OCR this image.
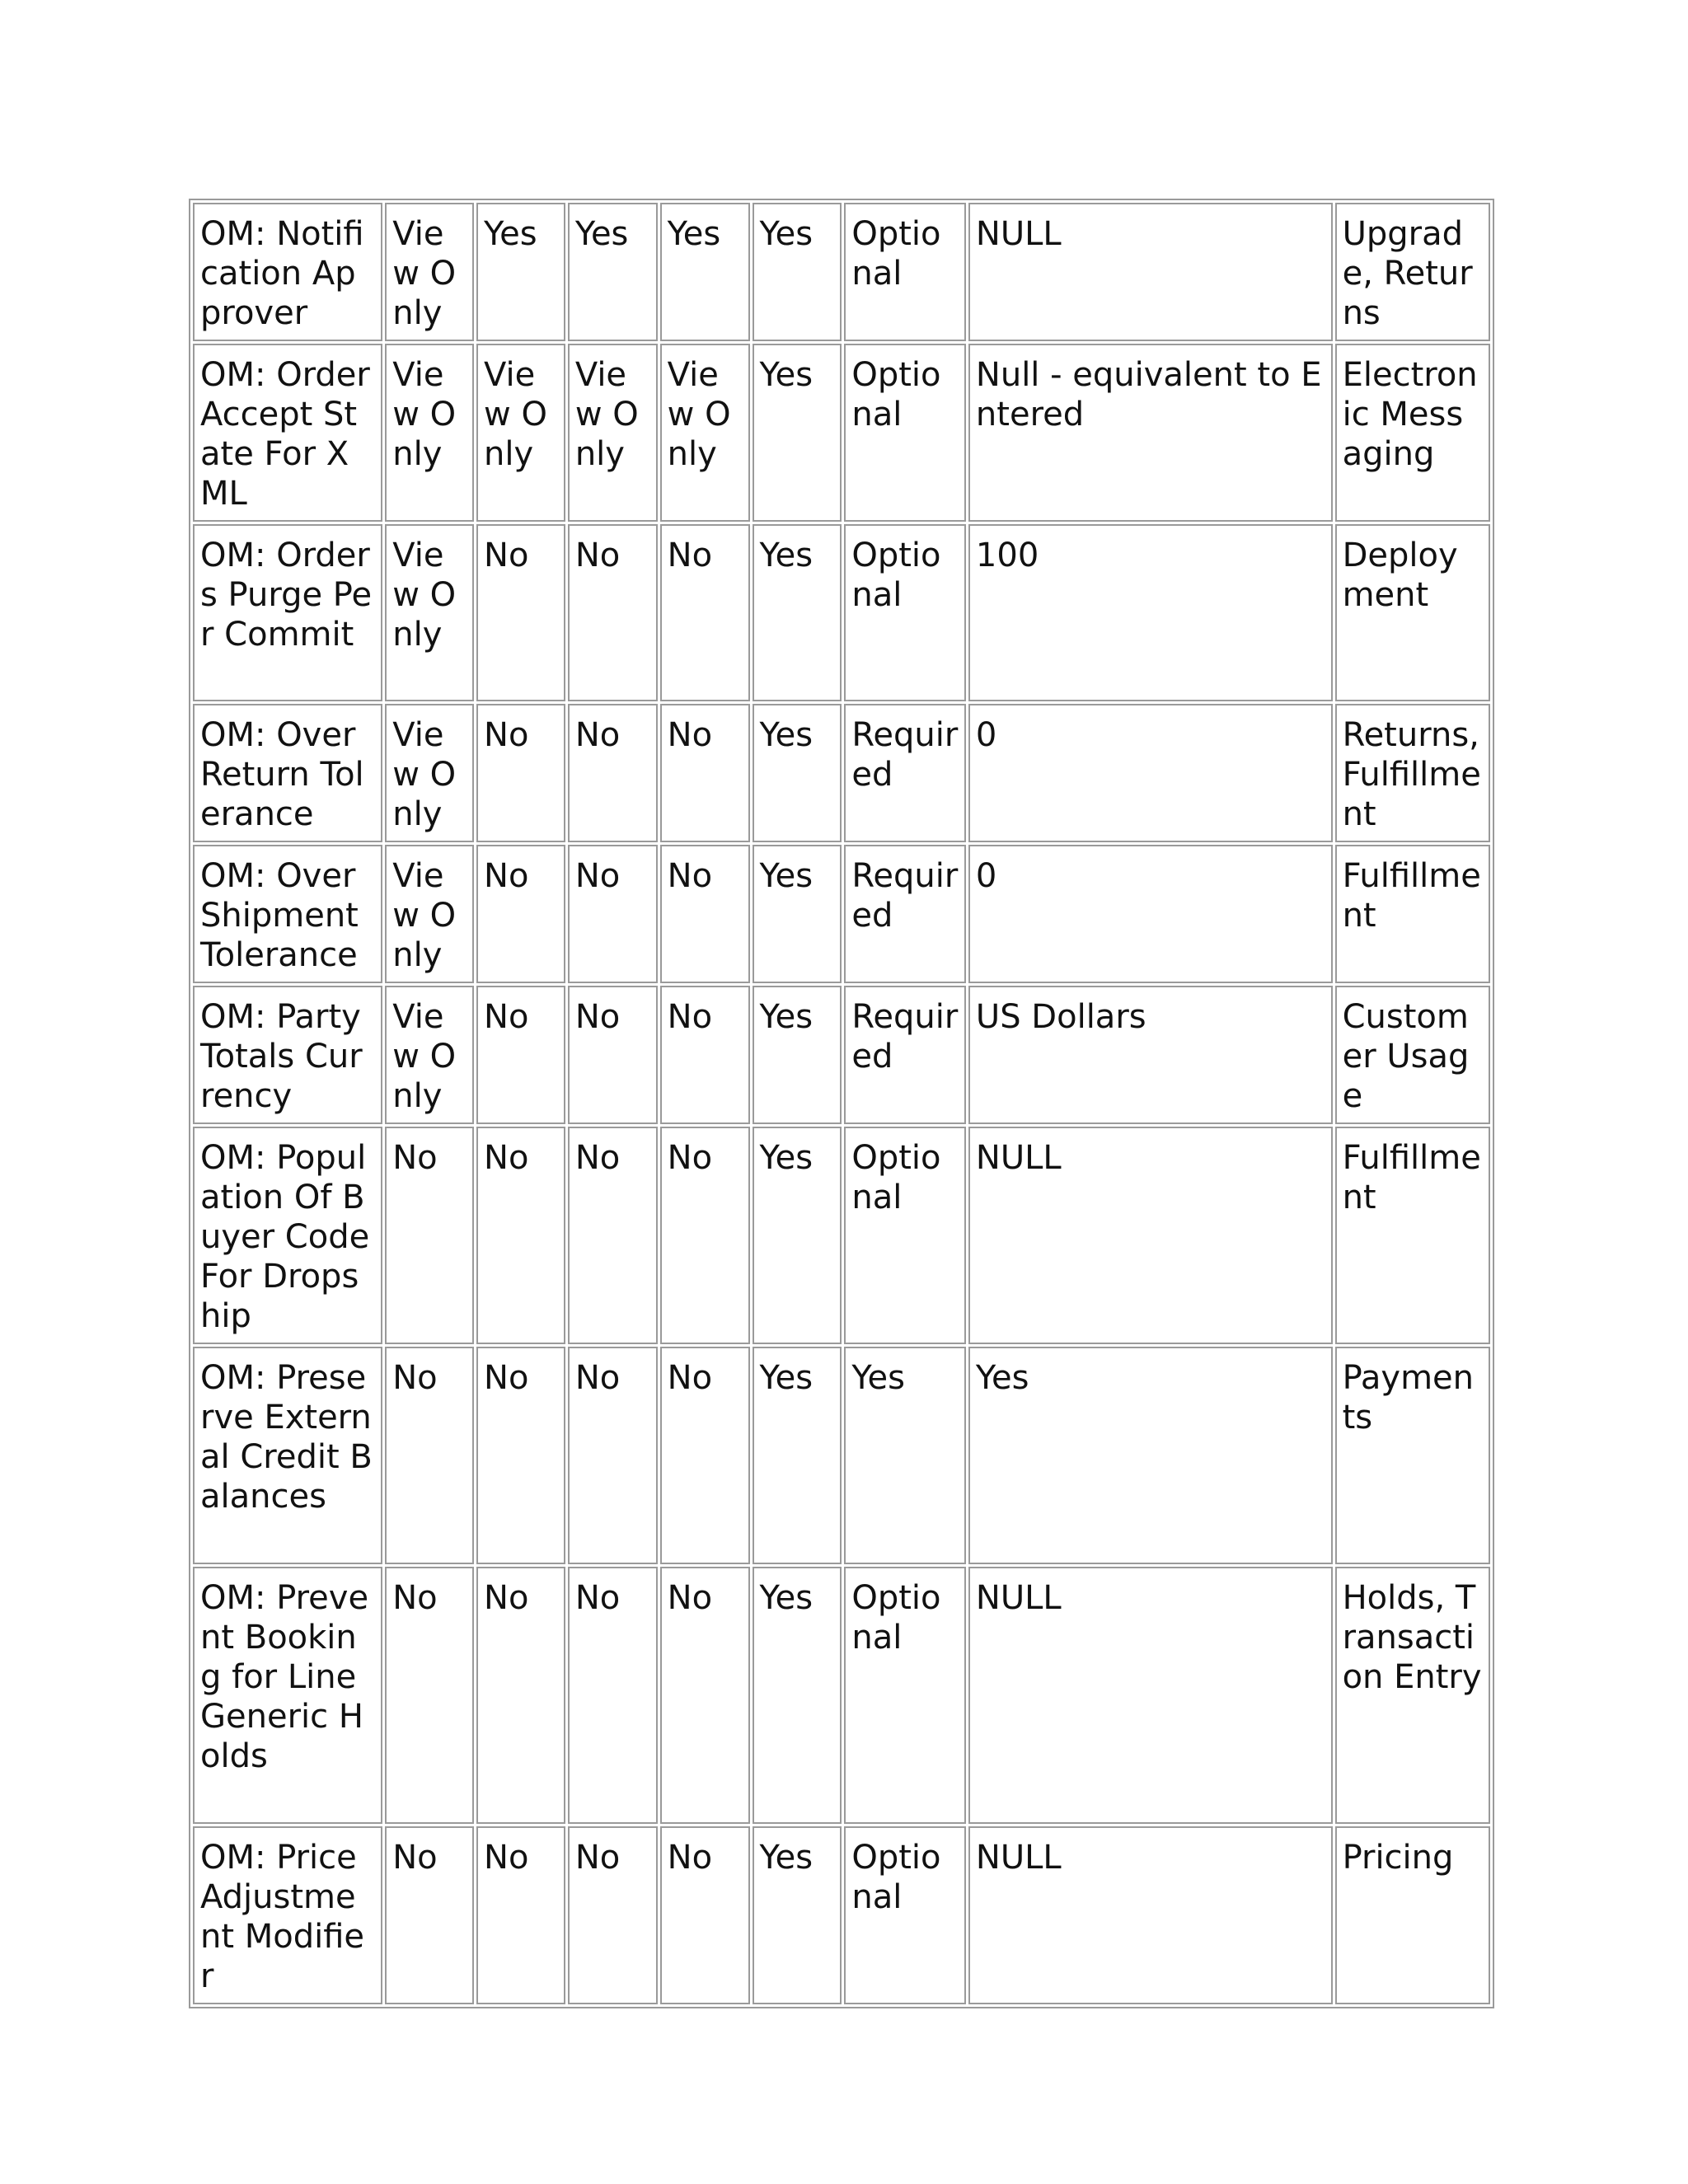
OM: Notification Approver	View Only	Yes	Yes	Yes	Yes	Optional	NULL	Upgrade, Returns
OM: Order Accept State For XML	View Only	View Only	View Only	View Only	Yes	Optional	Null - equivalent to Entered	Electronic Messaging
OM: Orders Purge Per Commit	View Only	No	No	No	Yes	Optional	100	Deployment
OM: Over Return Tolerance	View Only	No	No	No	Yes	Required	0	Returns, Fulfillment
OM: Over Shipment Tolerance	View Only	No	No	No	Yes	Required	0	Fulfillment
OM: Party Totals Currency	View Only	No	No	No	Yes	Required	US Dollars	Customer Usage
OM: Population Of Buyer Code For Dropship	No	No	No	No	Yes	Optional	NULL	Fulfillment
OM: Preserve External Credit Balances	No	No	No	No	Yes	Yes	Yes	Payments
OM: Prevent Booking for Line Generic Holds	No	No	No	No	Yes	Optional	NULL	Holds, Transaction Entry
OM: Price Adjustment Modifier	No	No	No	No	Yes	Optional	NULL	Pricing
